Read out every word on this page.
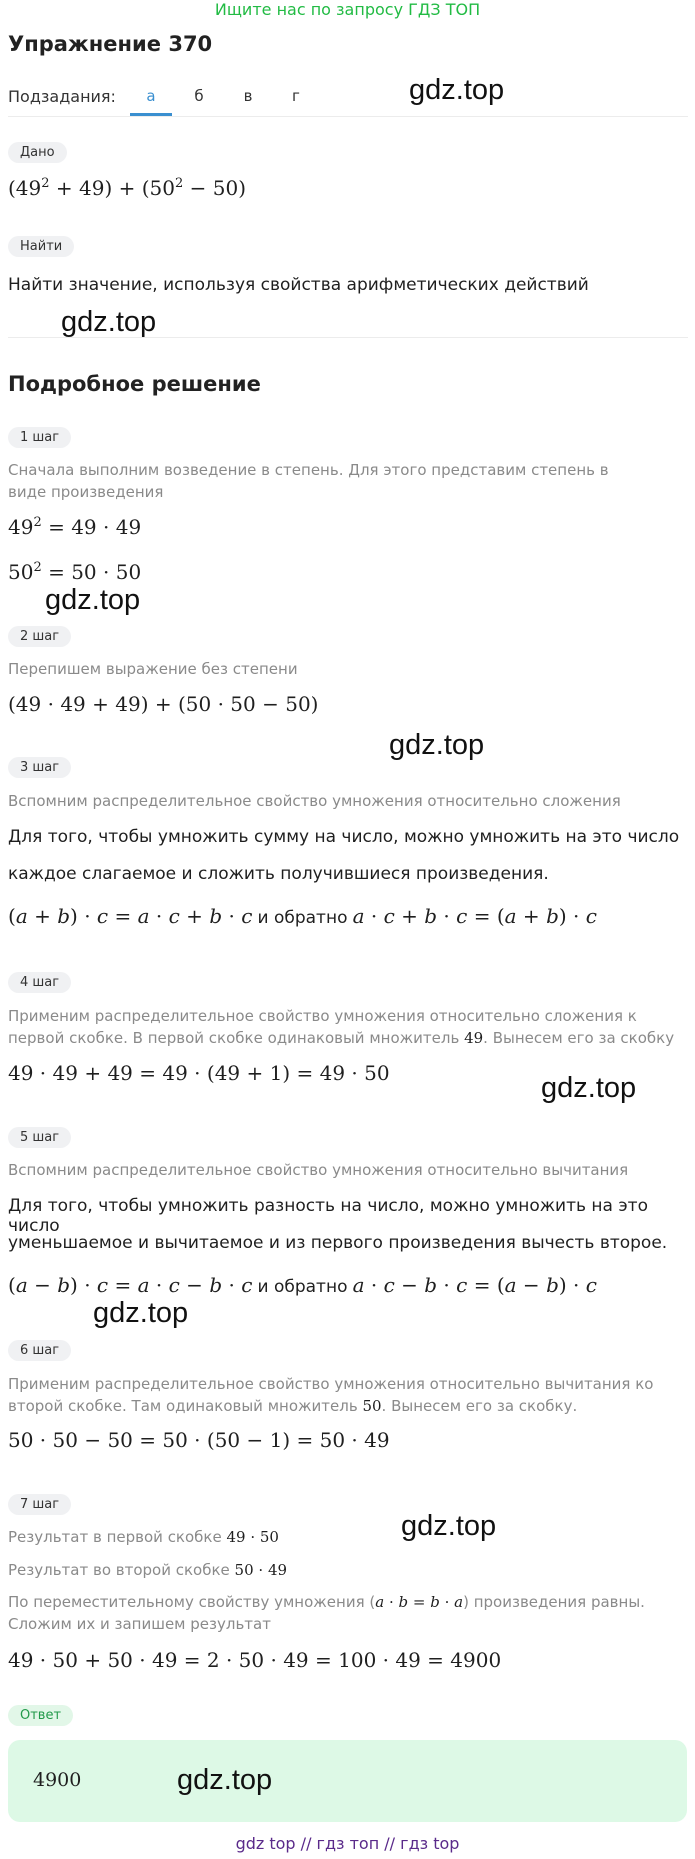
Ищите нас по запросу ГДЗ ТОП
Упражнение 370
Подзадания:	а	б	в	г
Дано
$(49^2 + 49) + (50^2 - 50)$
Найти
Найти значение, используя свойства арифметических действий
Подробное решение
1 шаг
Сначала выполним возведение в степень. Для этого представим степень в виде произведения
$49^2 = 49 \cdot 49$
$50^2 = 50 \cdot 50$
2 шаг
Перепишем выражение без степени
(49 · 49 + 49) + (50 · 50 − 50)
3 шаг
Вспомним распределительное свойство умножения относительно сложения
Для того, чтобы умножить сумму на число, можно умножить на это число
каждое слагаемое и сложить получившиеся произведения.
(a + b) · c = a · c + b · c и обратно a · c + b · c = (a + b) · c
4 шаг
Применим распределительное свойство умножения относительно сложения к первой скобке. В первой скобке одинаковый множитель 49. Вынесем его за скобку
49 · 49 + 49 = 49 · (49 + 1) = 49 · 50
5 шаг
Вспомним распределительное свойство умножения относительно вычитания
Для того, чтобы умножить разность на число, можно умножить на это число
уменьшаемое и вычитаемое и из первого произведения вычесть второе.
(a − b) · c = a · c − b · c и обратно a · c − b · c = (a − b) · c
6 шаг
Применим распределительное свойство умножения относительно вычитания ко второй скобке. Там одинаковый множитель 50. Вынесем его за скобку.
50 · 50 − 50 = 50 · (50 − 1) = 50 · 49
7 шаг
Результат в первой скобке 49 · 50
Результат во второй скобке 50 · 49
По переместительному свойству умножения (a · b = b · a) произведения равны. Сложим их и запишем результат
49 · 50 + 50 · 49 = 2 · 50 · 49 = 100 · 49 = 4900
Ответ
4900
gdz.top
gdz.top
gdz.top
gdz.top
gdz.top
gdz.top
gdz.top
gdz.top
gdz top // гдз топ // гдз top
